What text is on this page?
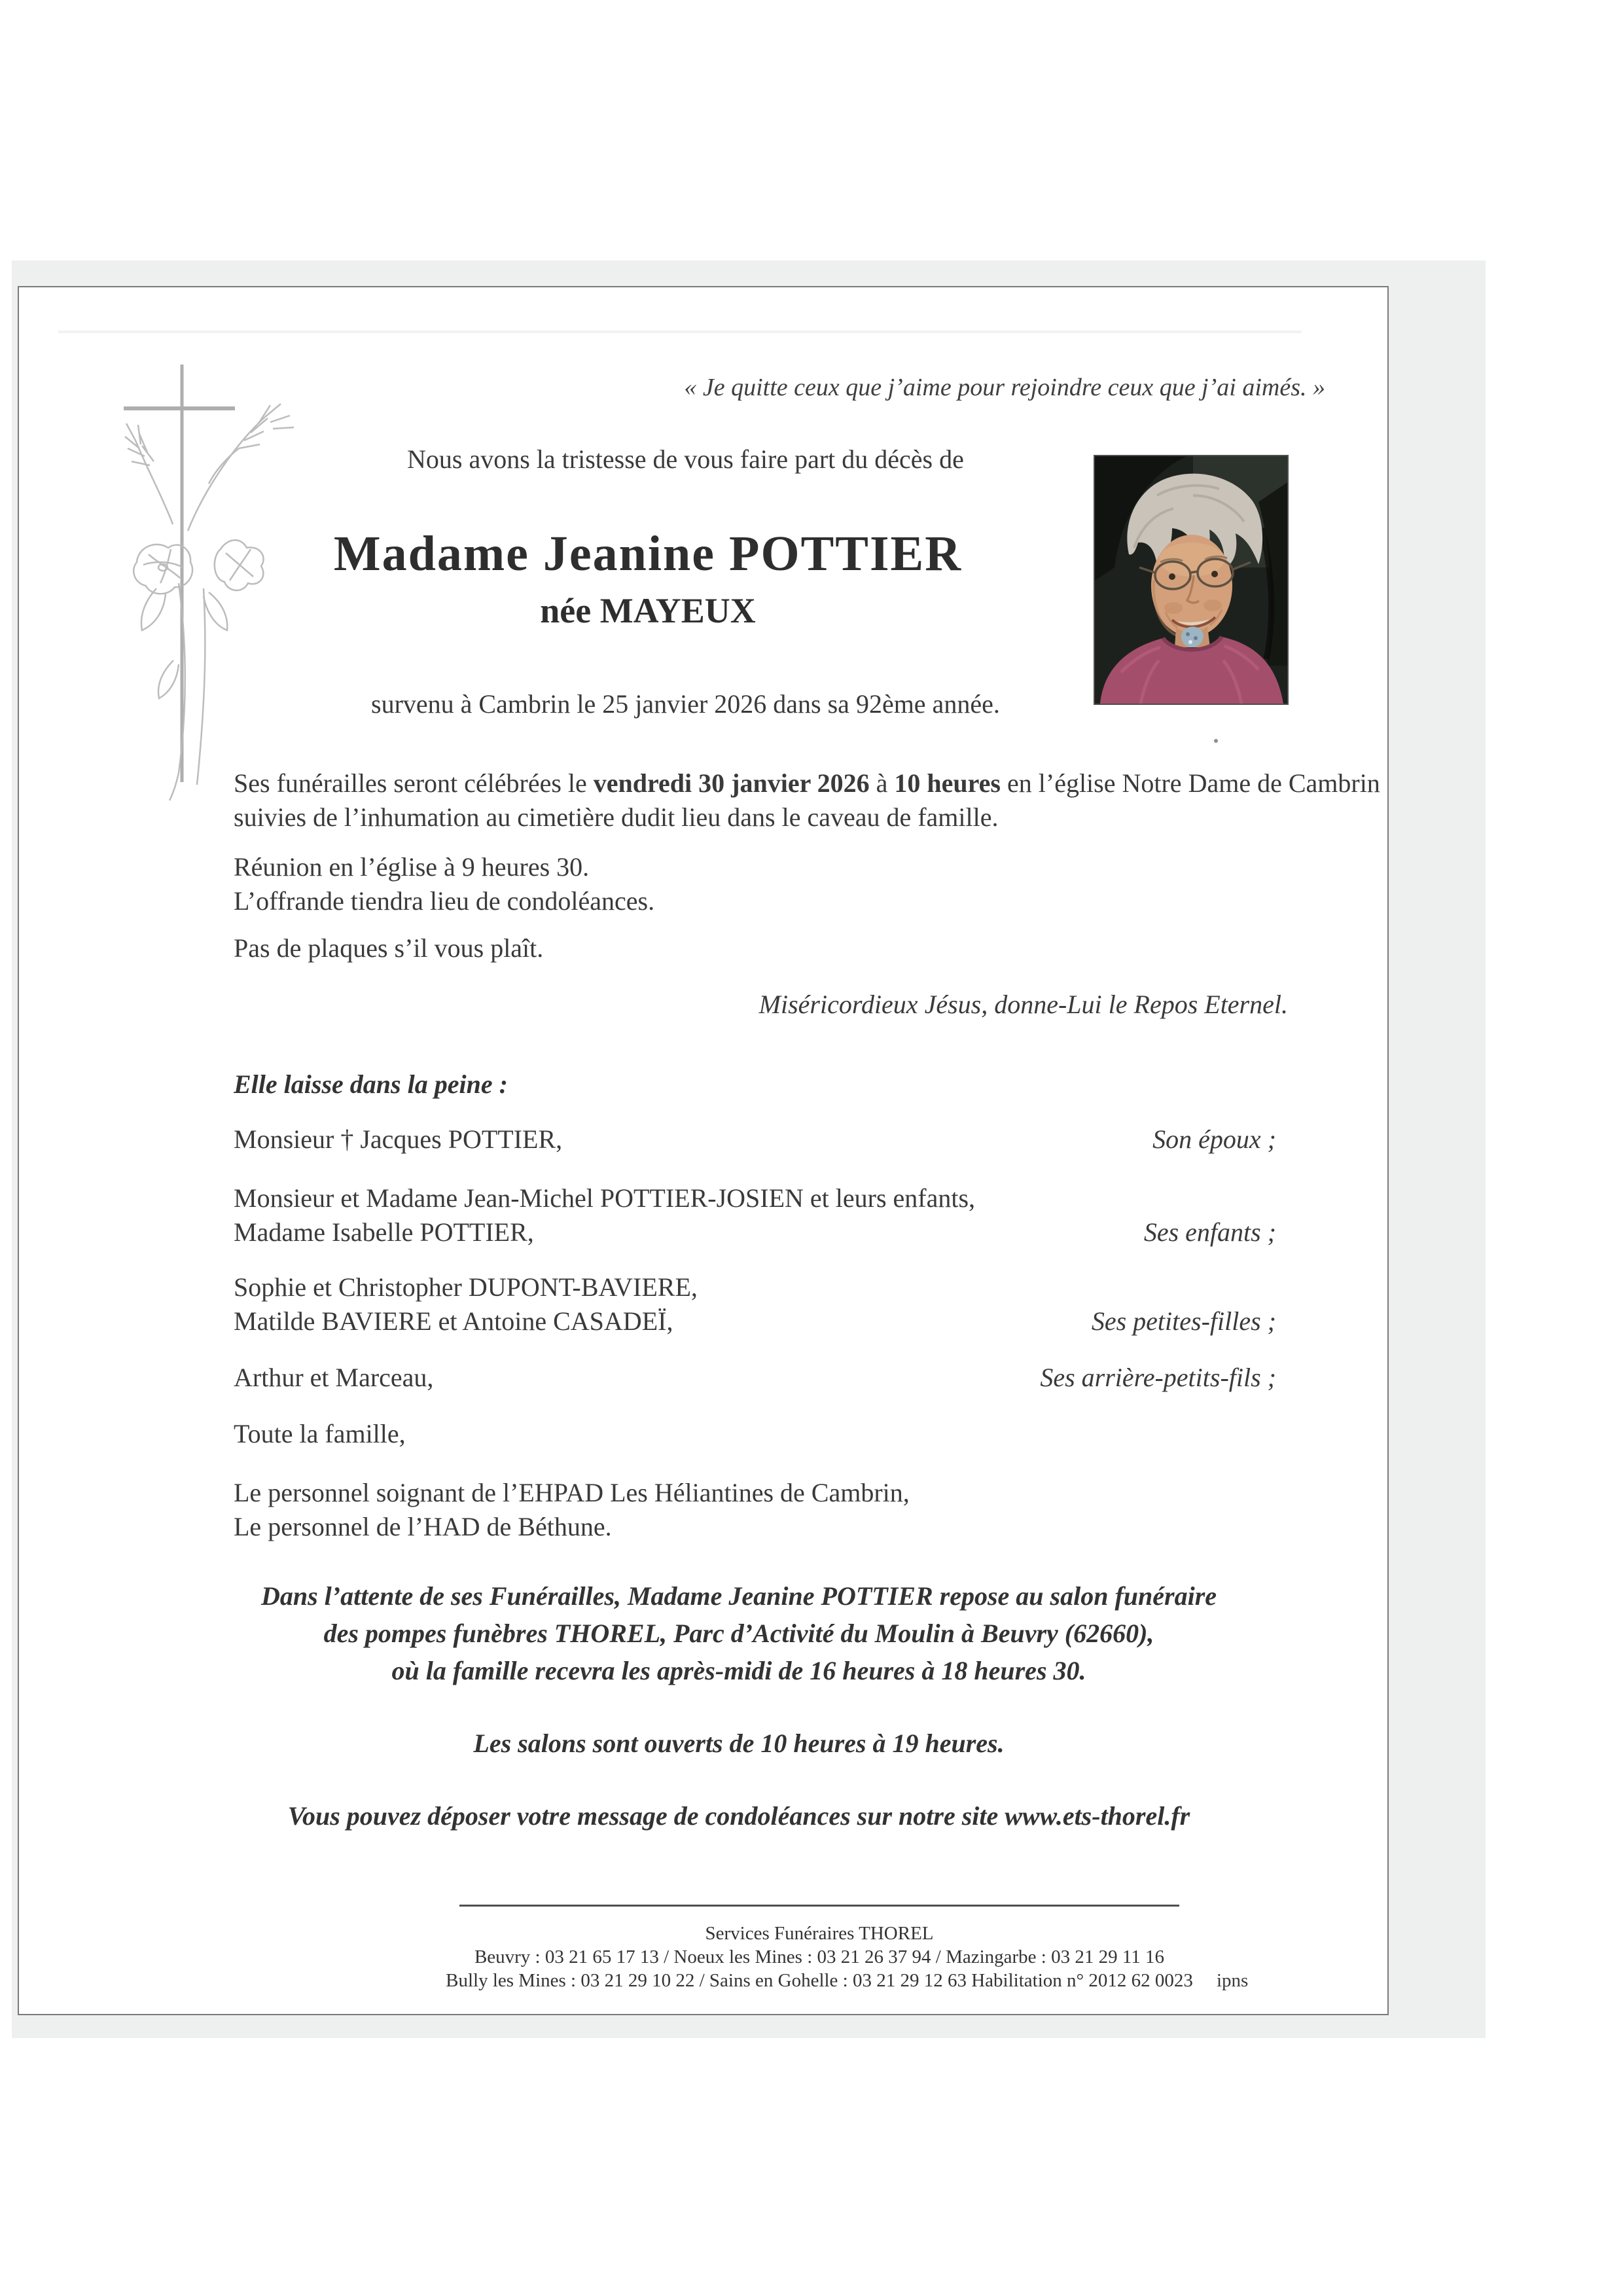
« Je quitte ceux que j’aime pour rejoindre ceux que j’ai aimés. »
Nous avons la tristesse de vous faire part du décès de
Madame Jeanine POTTIER
née MAYEUX
survenu à Cambrin le 25 janvier 2026 dans sa 92ème année.
Ses funérailles seront célébrées le vendredi 30 janvier 2026 à 10 heures en l’église Notre Dame de Cambrin
suivies de l’inhumation au cimetière dudit lieu dans le caveau de famille.
Réunion en l’église à 9 heures 30.
L’offrande tiendra lieu de condoléances.
Pas de plaques s’il vous plaît.
Miséricordieux Jésus, donne-Lui le Repos Eternel.
Elle laisse dans la peine :
Monsieur † Jacques POTTIER,	Son époux ;
Monsieur et Madame Jean-Michel POTTIER-JOSIEN et leurs enfants,
Madame Isabelle POTTIER,	Ses enfants ;
Sophie et Christopher DUPONT-BAVIERE,
Matilde BAVIERE et Antoine CASADEÏ,	Ses petites-filles ;
Arthur et Marceau,	Ses arrière-petits-fils ;
Toute la famille,
Le personnel soignant de l’EHPAD Les Héliantines de Cambrin,
Le personnel de l’HAD de Béthune.
Dans l’attente de ses Funérailles, Madame Jeanine POTTIER repose au salon funéraire
des pompes funèbres THOREL, Parc d’Activité du Moulin à Beuvry (62660),
où la famille recevra les après-midi de 16 heures à 18 heures 30.
Les salons sont ouverts de 10 heures à 19 heures.
Vous pouvez déposer votre message de condoléances sur notre site www.ets-thorel.fr
Services Funéraires THOREL
Beuvry : 03 21 65 17 13 / Noeux les Mines : 03 21 26 37 94 / Mazingarbe : 03 21 29 11 16
Bully les Mines : 03 21 29 10 22 / Sains en Gohelle : 03 21 29 12 63 Habilitation n° 2012 62 0023	ipns
